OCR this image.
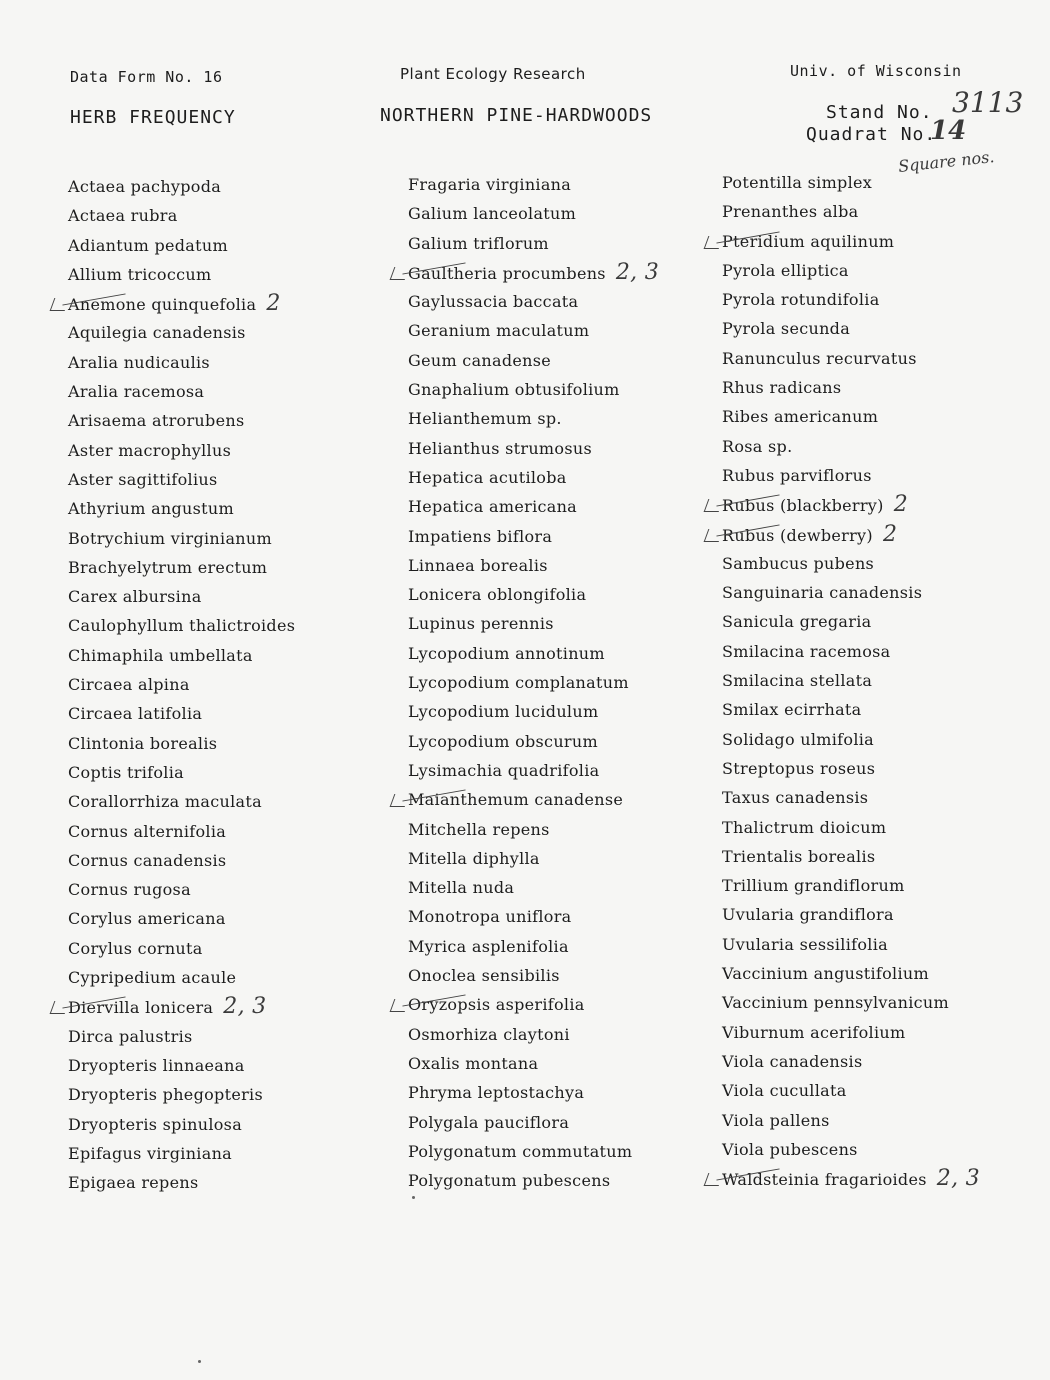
Data Form No. 16
HERB FREQUENCY
Plant Ecology Research
NORTHERN PINE-HARDWOODS
Univ. of Wisconsin
Stand No. 3113
Quadrat No.
14
Square nos.
Actaea pachypoda
Actaea rubra
Adiantum pedatum
Allium tricoccum
Anemone quinquefolia 2
Aquilegia canadensis
Aralia nudicaulis
Aralia racemosa
Arisaema atrorubens
Aster macrophyllus
Aster sagittifolius
Athyrium angustum
Botrychium virginianum
Brachyelytrum erectum
Carex albursina
Caulophyllum thalictroides
Chimaphila umbellata
Circaea alpina
Circaea latifolia
Clintonia borealis
Coptis trifolia
Corallorrhiza maculata
Cornus alternifolia
Cornus canadensis
Cornus rugosa
Corylus americana
Corylus cornuta
Cypripedium acaule
Diervilla lonicera 2, 3
Dirca palustris
Dryopteris linnaeana
Dryopteris phegopteris
Dryopteris spinulosa
Epifagus virginiana
Epigaea repens
Fragaria virginiana
Galium lanceolatum
Galium triflorum
Gaultheria procumbens 2, 3
Gaylussacia baccata
Geranium maculatum
Geum canadense
Gnaphalium obtusifolium
Helianthemum sp.
Helianthus strumosus
Hepatica acutiloba
Hepatica americana
Impatiens biflora
Linnaea borealis
Lonicera oblongifolia
Lupinus perennis
Lycopodium annotinum
Lycopodium complanatum
Lycopodium lucidulum
Lycopodium obscurum
Lysimachia quadrifolia
Maianthemum canadense
Mitchella repens
Mitella diphylla
Mitella nuda
Monotropa uniflora
Myrica asplenifolia
Onoclea sensibilis
Oryzopsis asperifolia
Osmorhiza claytoni
Oxalis montana
Phryma leptostachya
Polygala pauciflora
Polygonatum commutatum
Polygonatum pubescens
Potentilla simplex
Prenanthes alba
Pteridium aquilinum
Pyrola elliptica
Pyrola rotundifolia
Pyrola secunda
Ranunculus recurvatus
Rhus radicans
Ribes americanum
Rosa sp.
Rubus parviflorus
Rubus (blackberry) 2
Rubus (dewberry) 2
Sambucus pubens
Sanguinaria canadensis
Sanicula gregaria
Smilacina racemosa
Smilacina stellata
Smilax ecirrhata
Solidago ulmifolia
Streptopus roseus
Taxus canadensis
Thalictrum dioicum
Trientalis borealis
Trillium grandiflorum
Uvularia grandiflora
Uvularia sessilifolia
Vaccinium angustifolium
Vaccinium pennsylvanicum
Viburnum acerifolium
Viola canadensis
Viola cucullata
Viola pallens
Viola pubescens
Waldsteinia fragarioides 2, 3
